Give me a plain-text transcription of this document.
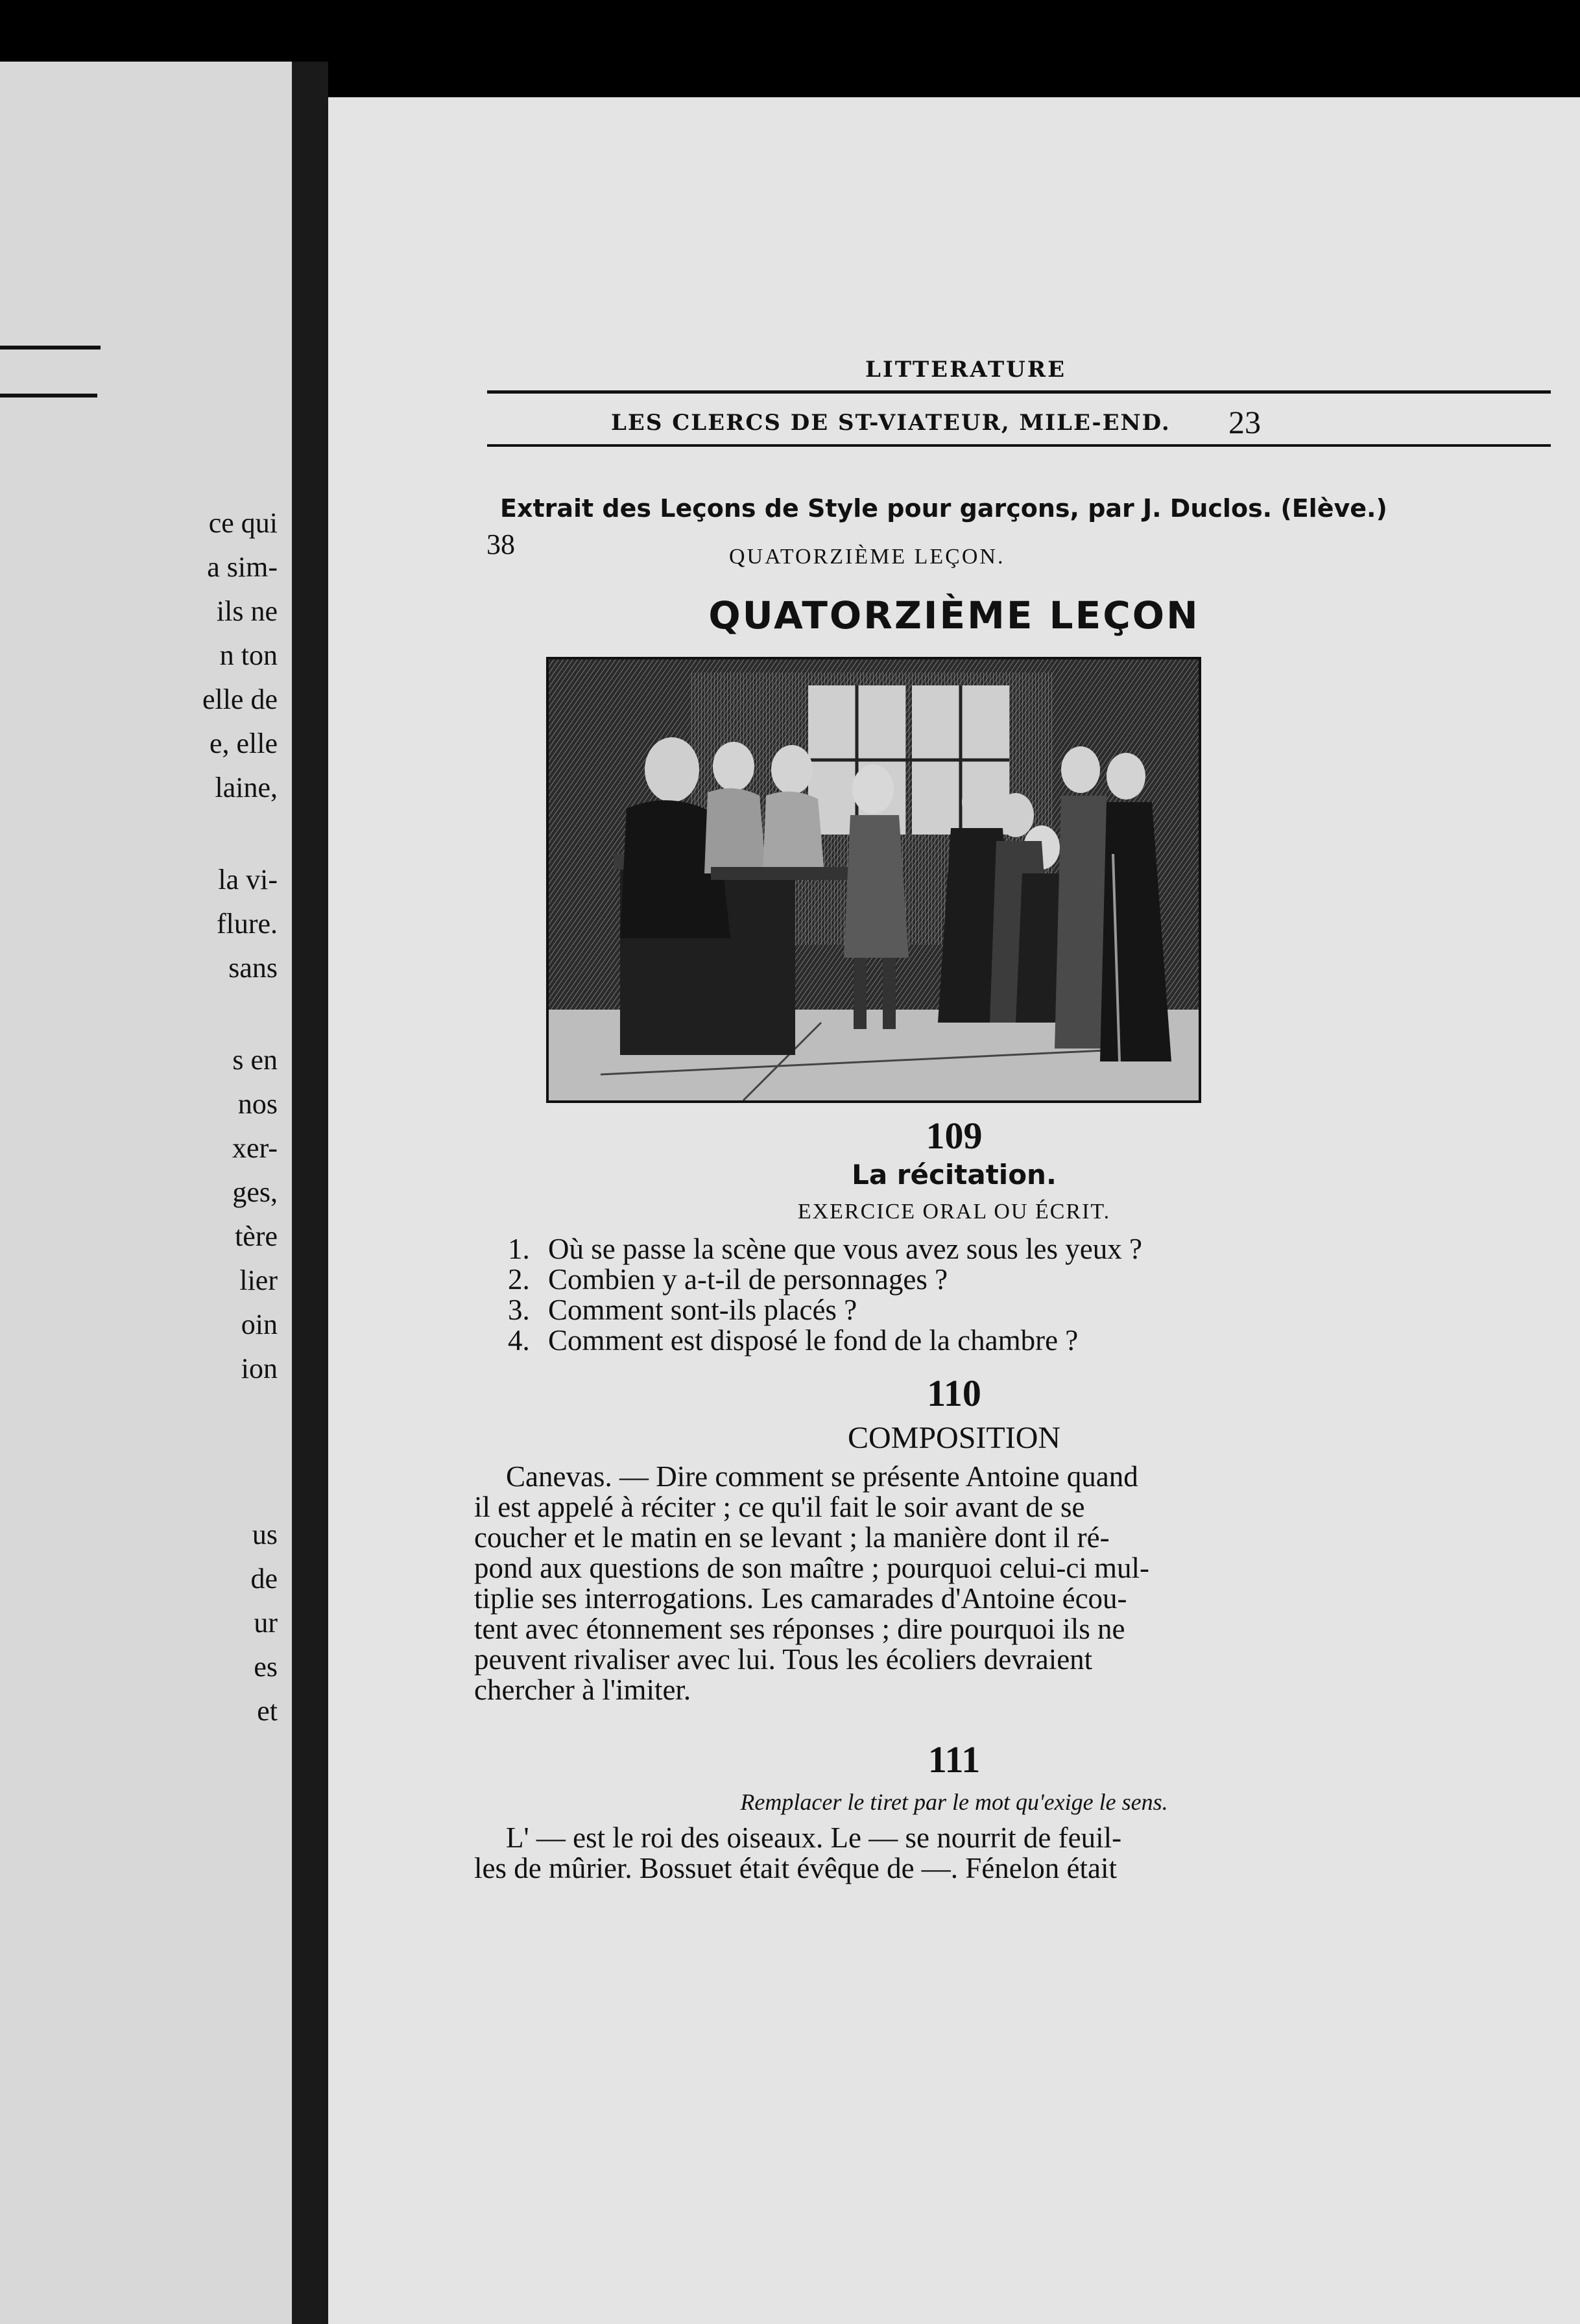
ce qui
a sim-
ils ne
n ton
elle de
e, elle
laine,
la vi-
flure.
sans
s en
nos
xer-
ges,
tère
lier
oin
ion
us
de
ur
es
et
LITTERATURE
LES CLERCS DE ST-VIATEUR, MILE-END. 23
Extrait des Leçons de Style pour garçons, par J. Duclos. (Elève.)
38	QUATORZIÈME LEÇON.
QUATORZIÈME LEÇON
109
La récitation.
EXERCICE ORAL OU ÉCRIT.
1. Où se passe la scène que vous avez sous les yeux ?
2. Combien y a-t-il de personnages ?
3. Comment sont-ils placés ?
4. Comment est disposé le fond de la chambre ?
110
COMPOSITION
Canevas. — Dire comment se présente Antoine quand
il est appelé à réciter ; ce qu'il fait le soir avant de se
coucher et le matin en se levant ; la manière dont il ré-
pond aux questions de son maître ; pourquoi celui-ci mul-
tiplie ses interrogations. Les camarades d'Antoine écou-
tent avec étonnement ses réponses ; dire pourquoi ils ne
peuvent rivaliser avec lui. Tous les écoliers devraient
chercher à l'imiter.
111
Remplacer le tiret par le mot qu'exige le sens.
L' — est le roi des oiseaux. Le — se nourrit de feuil-
les de mûrier. Bossuet était évêque de —. Fénelon était
